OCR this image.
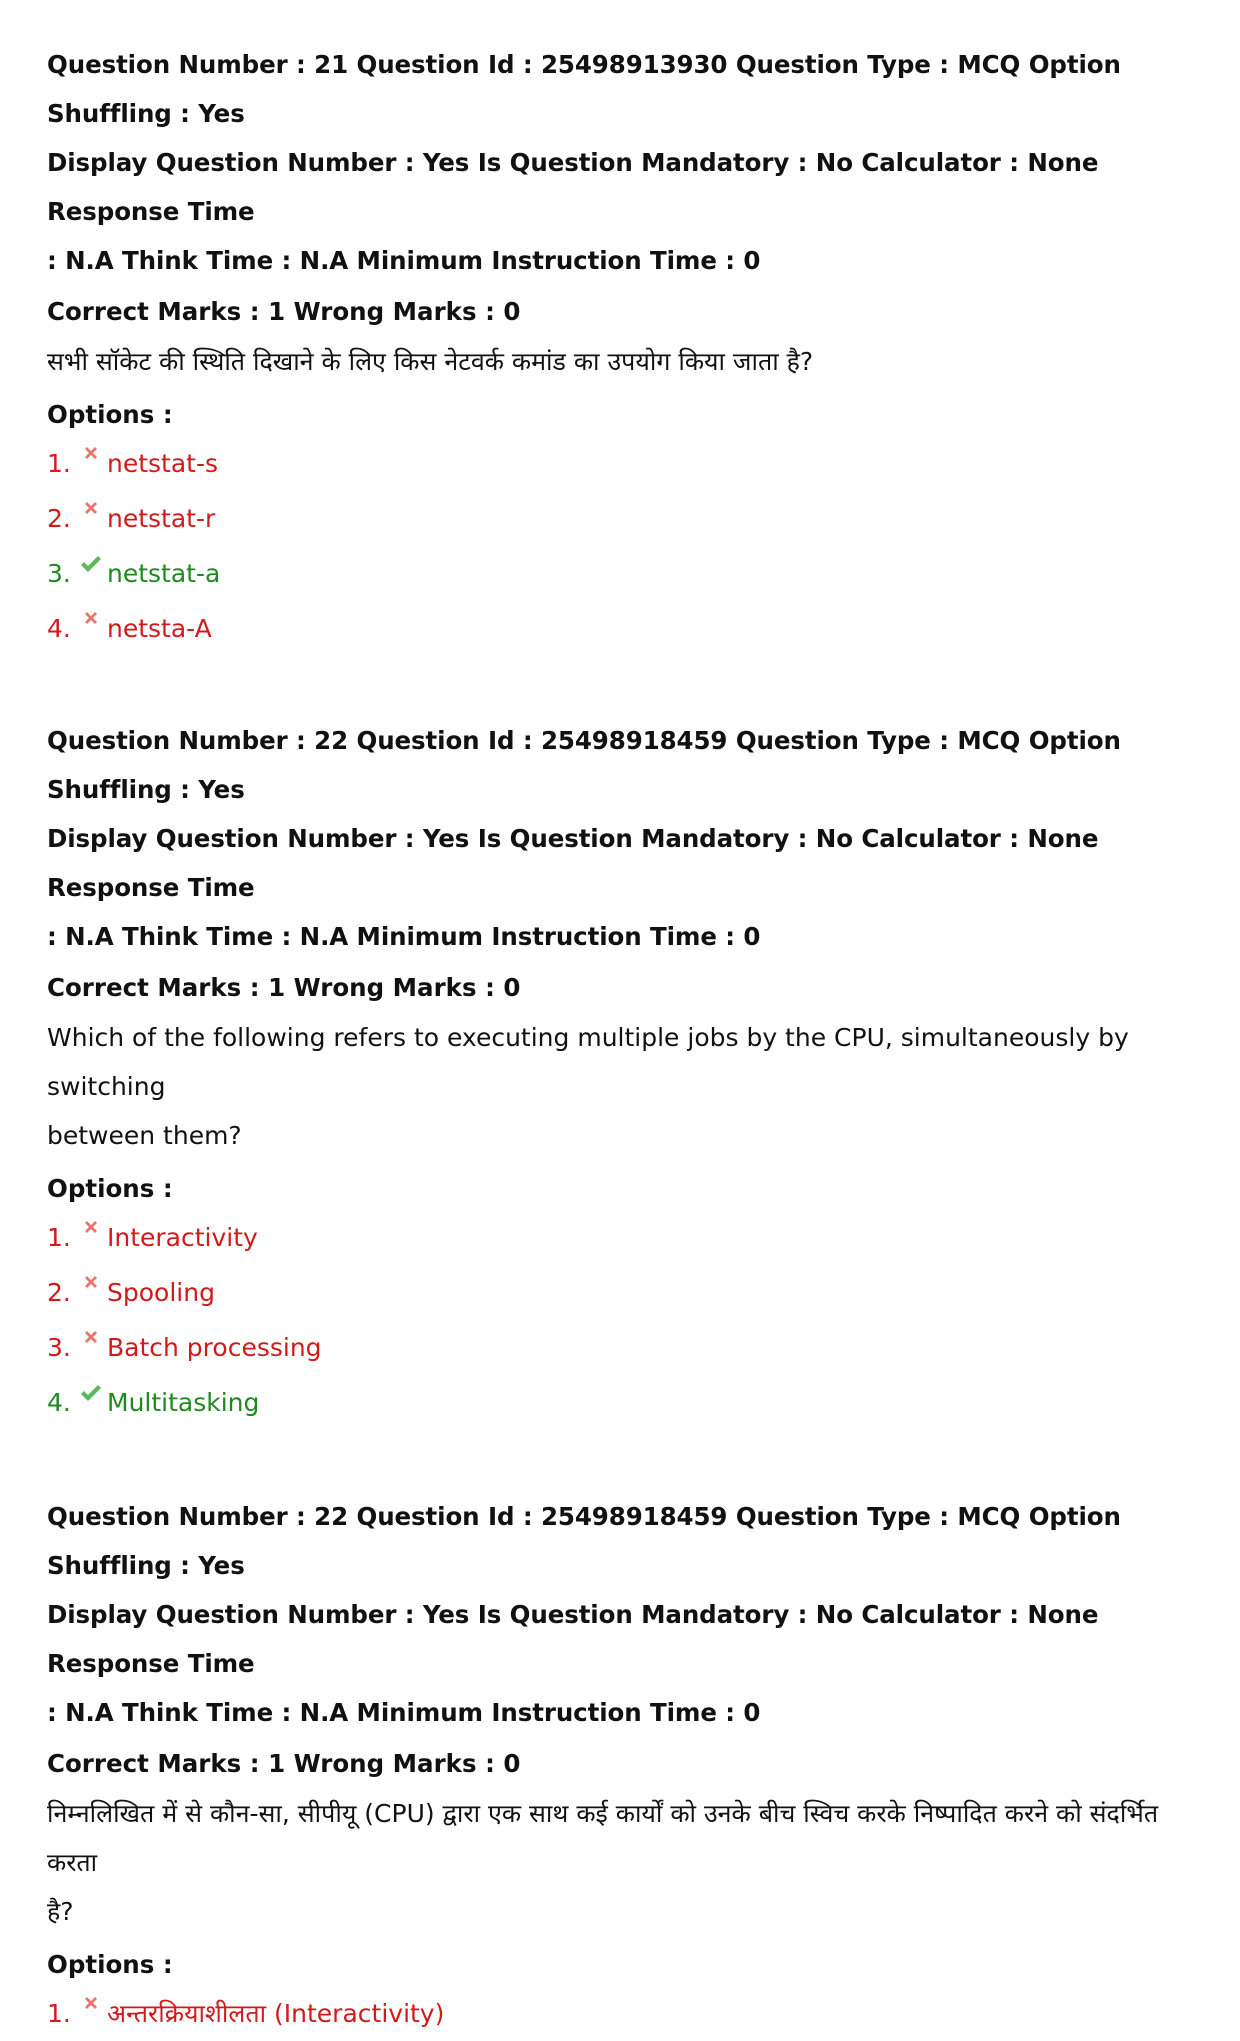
Question Number : 21 Question Id : 25498913930 Question Type : MCQ Option Shuffling : Yes
Display Question Number : Yes Is Question Mandatory : No Calculator : None Response Time
: N.A Think Time : N.A Minimum Instruction Time : 0

Correct Marks : 1 Wrong Marks : 0

सभी सॉकेट की स्थिति दिखाने के लिए किस नेटवर्क कमांड का उपयोग किया जाता है?

Options :

1. netstat-s
2. netstat-r
3. netstat-a
4. netsta-A

Question Number : 22 Question Id : 25498918459 Question Type : MCQ Option Shuffling : Yes
Display Question Number : Yes Is Question Mandatory : No Calculator : None Response Time
: N.A Think Time : N.A Minimum Instruction Time : 0

Correct Marks : 1 Wrong Marks : 0

Which of the following refers to executing multiple jobs by the CPU, simultaneously by switching
between them?

Options :

1. Interactivity
2. Spooling
3. Batch processing
4. Multitasking

Question Number : 22 Question Id : 25498918459 Question Type : MCQ Option Shuffling : Yes
Display Question Number : Yes Is Question Mandatory : No Calculator : None Response Time
: N.A Think Time : N.A Minimum Instruction Time : 0

Correct Marks : 1 Wrong Marks : 0

निम्नलिखित में से कौन-सा, सीपीयू (CPU) द्वारा एक साथ कई कार्यों को उनके बीच स्विच करके निष्पादित करने को संदर्भित करता
है?

Options :

1. अन्तरक्रियाशीलता (Interactivity)
